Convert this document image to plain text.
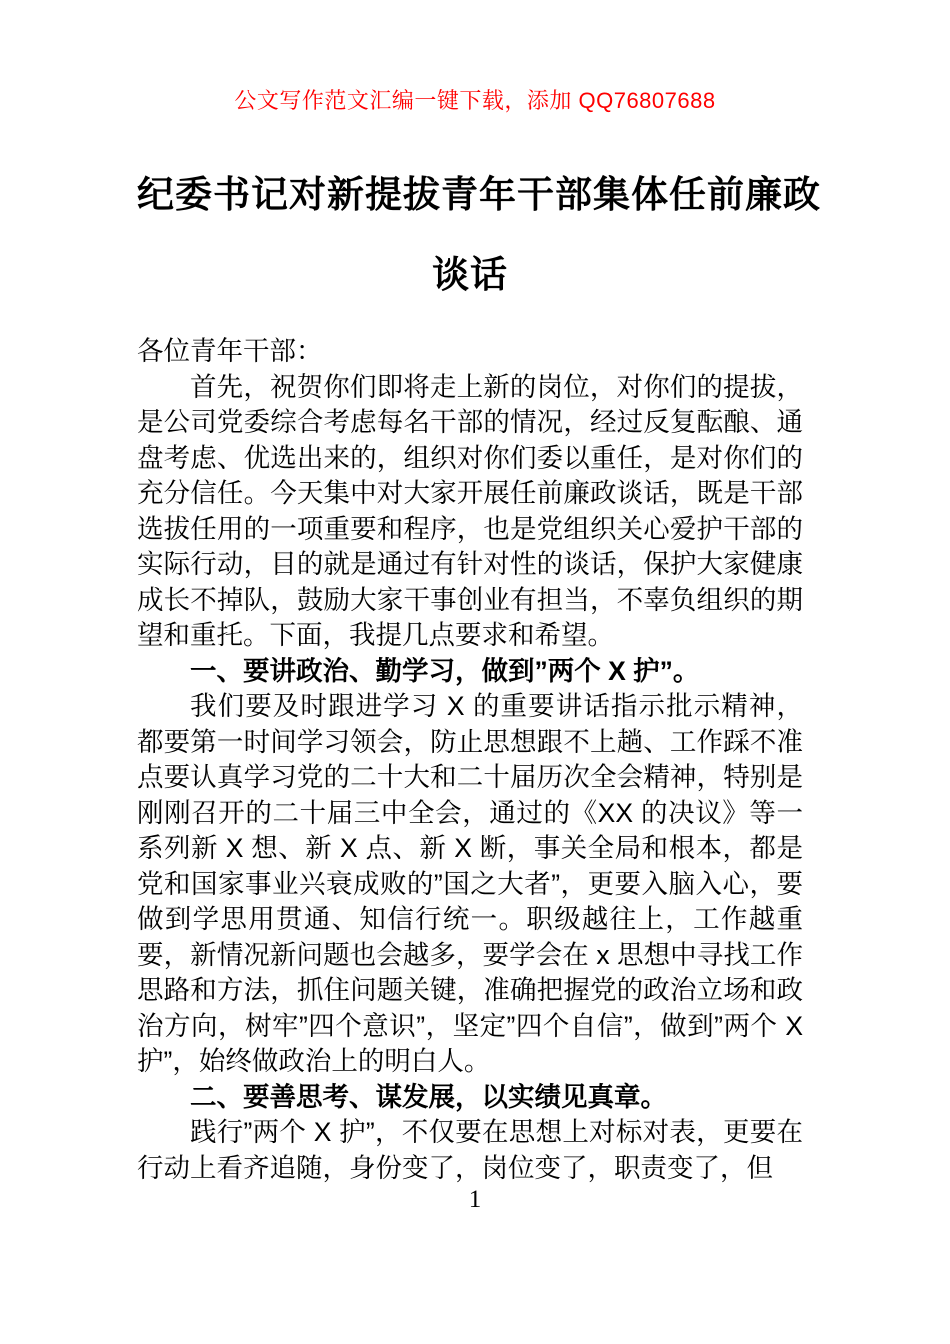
公文写作范文汇编一键下载，添加 QQ76807688
纪委书记对新提拔青年干部集体任前廉政
谈话

各位青年干部：

首先，祝贺你们即将走上新的岗位，对你们的提拔，是公司党委综合考虑每名干部的情况，经过反复酝酿、通盘考虑、优选出来的，组织对你们委以重任，是对你们的充分信任。今天集中对大家开展任前廉政谈话，既是干部选拔任用的一项重要和程序，也是党组织关心爱护干部的实际行动，目的就是通过有针对性的谈话，保护大家健康成长不掉队，鼓励大家干事创业有担当，不辜负组织的期望和重托。下面，我提几点要求和希望。

一、要讲政治、勤学习，做到”两个 X 护”。

我们要及时跟进学习 X 的重要讲话指示批示精神，都要第一时间学习领会，防止思想跟不上趟、工作踩不准点要认真学习党的二十大和二十届历次全会精神，特别是刚刚召开的二十届三中全会，通过的《XX 的决议》等一系列新 X 想、新 X 点、新 X 断，事关全局和根本，都是党和国家事业兴衰成败的”国之大者”，更要入脑入心，要做到学思用贯通、知信行统一。职级越往上，工作越重要，新情况新问题也会越多，要学会在 x 思想中寻找工作思路和方法，抓住问题关键，准确把握党的政治立场和政治方向，树牢”四个意识”，坚定”四个自信”，做到”两个 X 护”，始终做政治上的明白人。

二、要善思考、谋发展，以实绩见真章。

践行”两个 X 护”，不仅要在思想上对标对表，更要在行动上看齐追随，身份变了，岗位变了，职责变了，但

1
